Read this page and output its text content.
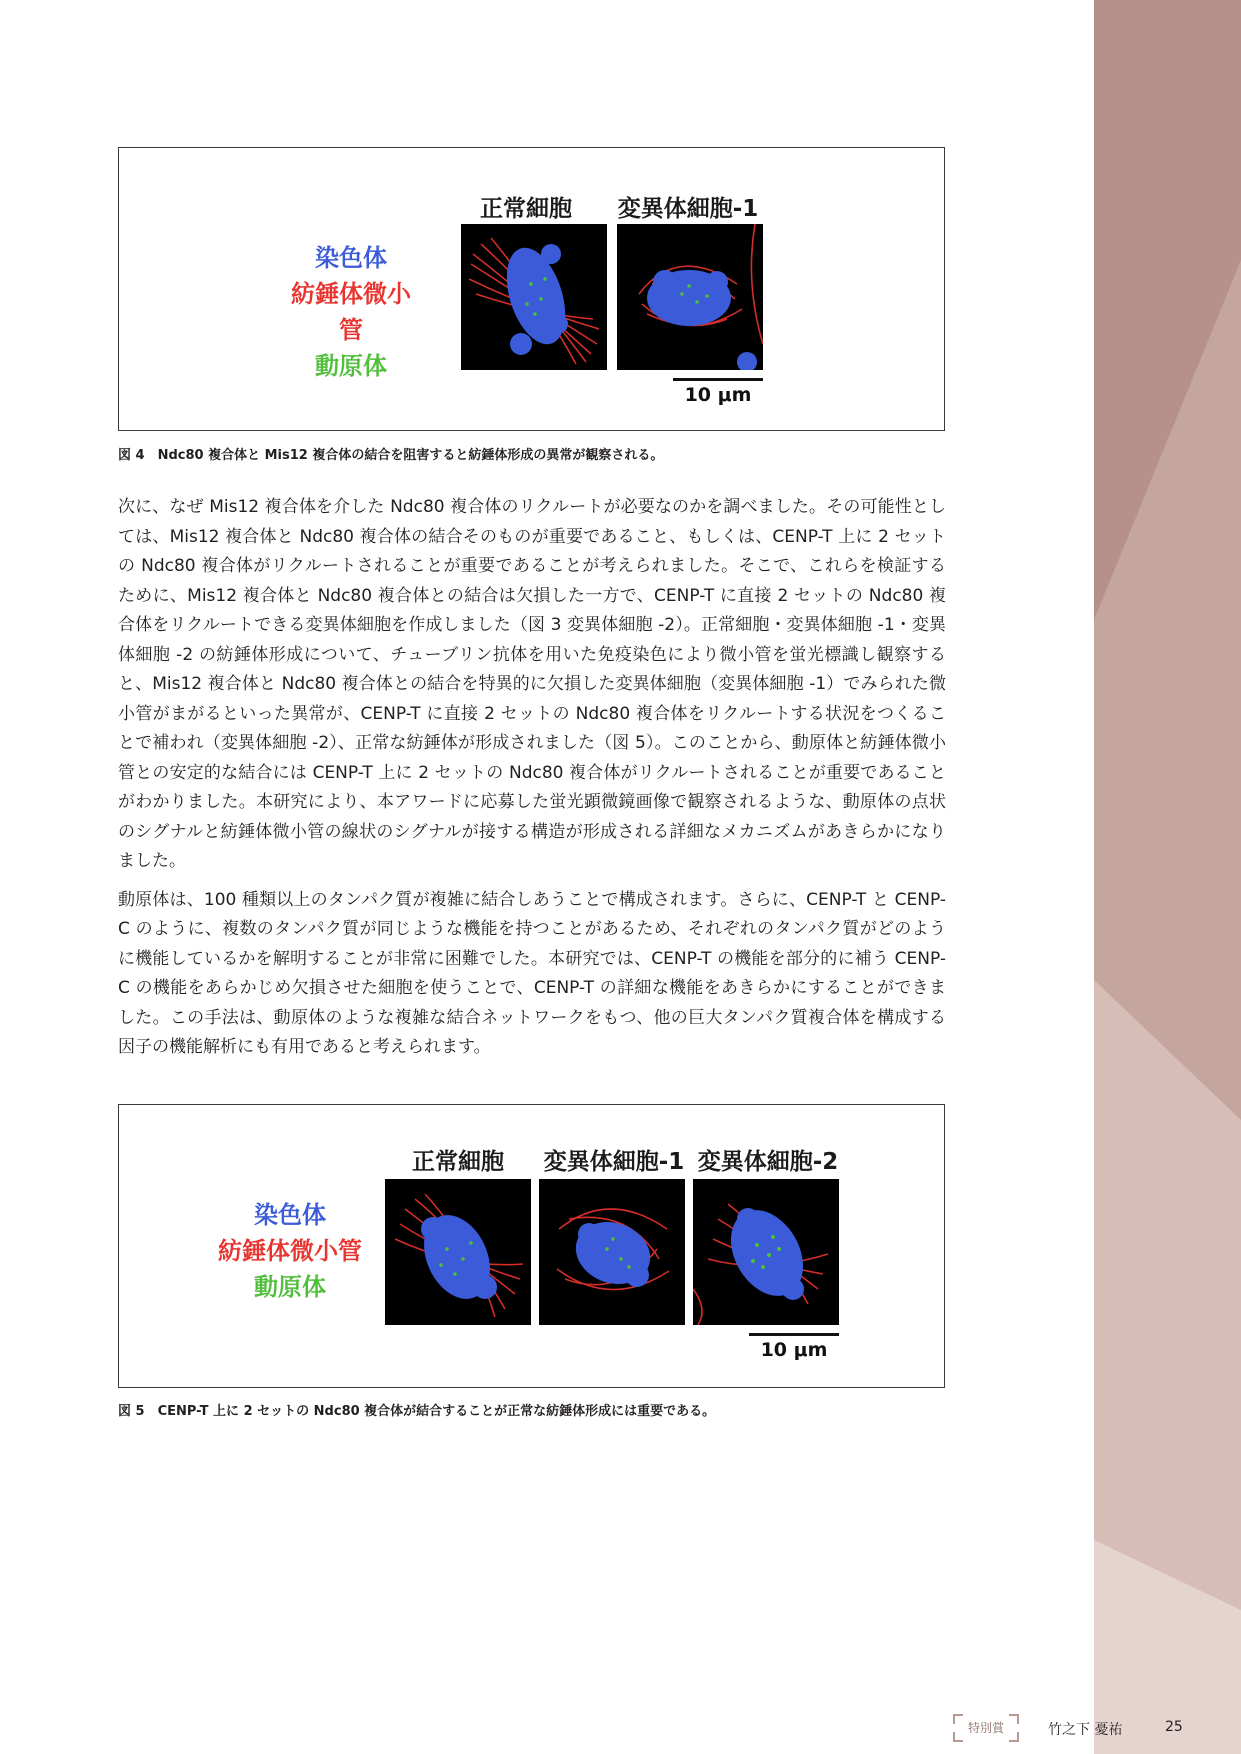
染色体
紡錘体微小管
動原体
正常細胞	変異体細胞-1
10 μm
図 4　Ndc80 複合体と Mis12 複合体の結合を阻害すると紡錘体形成の異常が観察される。

次に、なぜ Mis12 複合体を介した Ndc80 複合体のリクルートが必要なのかを調べました。その可能性としては、Mis12 複合体と Ndc80 複合体の結合そのものが重要であること、もしくは、CENP-T 上に 2 セットの Ndc80 複合体がリクルートされることが重要であることが考えられました。そこで、これらを検証するために、Mis12 複合体と Ndc80 複合体との結合は欠損した一方で、CENP-T に直接 2 セットの Ndc80 複合体をリクルートできる変異体細胞を作成しました（図 3 変異体細胞 -2）。正常細胞・変異体細胞 -1・変異体細胞 -2 の紡錘体形成について、チューブリン抗体を用いた免疫染色により微小管を蛍光標識し観察すると、Mis12 複合体と Ndc80 複合体との結合を特異的に欠損した変異体細胞（変異体細胞 -1）でみられた微小管がまがるといった異常が、CENP-T に直接 2 セットの Ndc80 複合体をリクルートする状況をつくることで補われ（変異体細胞 -2）、正常な紡錘体が形成されました（図 5）。このことから、動原体と紡錘体微小管との安定的な結合には CENP-T 上に 2 セットの Ndc80 複合体がリクルートされることが重要であることがわかりました。本研究により、本アワードに応募した蛍光顕微鏡画像で観察されるような、動原体の点状のシグナルと紡錘体微小管の線状のシグナルが接する構造が形成される詳細なメカニズムがあきらかになりました。

動原体は、100 種類以上のタンパク質が複雑に結合しあうことで構成されます。さらに、CENP-T と CENP-C のように、複数のタンパク質が同じような機能を持つことがあるため、それぞれのタンパク質がどのように機能しているかを解明することが非常に困難でした。本研究では、CENP-T の機能を部分的に補う CENP-C の機能をあらかじめ欠損させた細胞を使うことで、CENP-T の詳細な機能をあきらかにすることができました。この手法は、動原体のような複雑な結合ネットワークをもつ、他の巨大タンパク質複合体を構成する因子の機能解析にも有用であると考えられます。

染色体
紡錘体微小管
動原体
正常細胞	変異体細胞-1 変異体細胞-2
10 μm
図 5　CENP-T 上に 2 セットの Ndc80 複合体が結合することが正常な紡錘体形成には重要である。
特別賞	竹之下 憂祐	25
